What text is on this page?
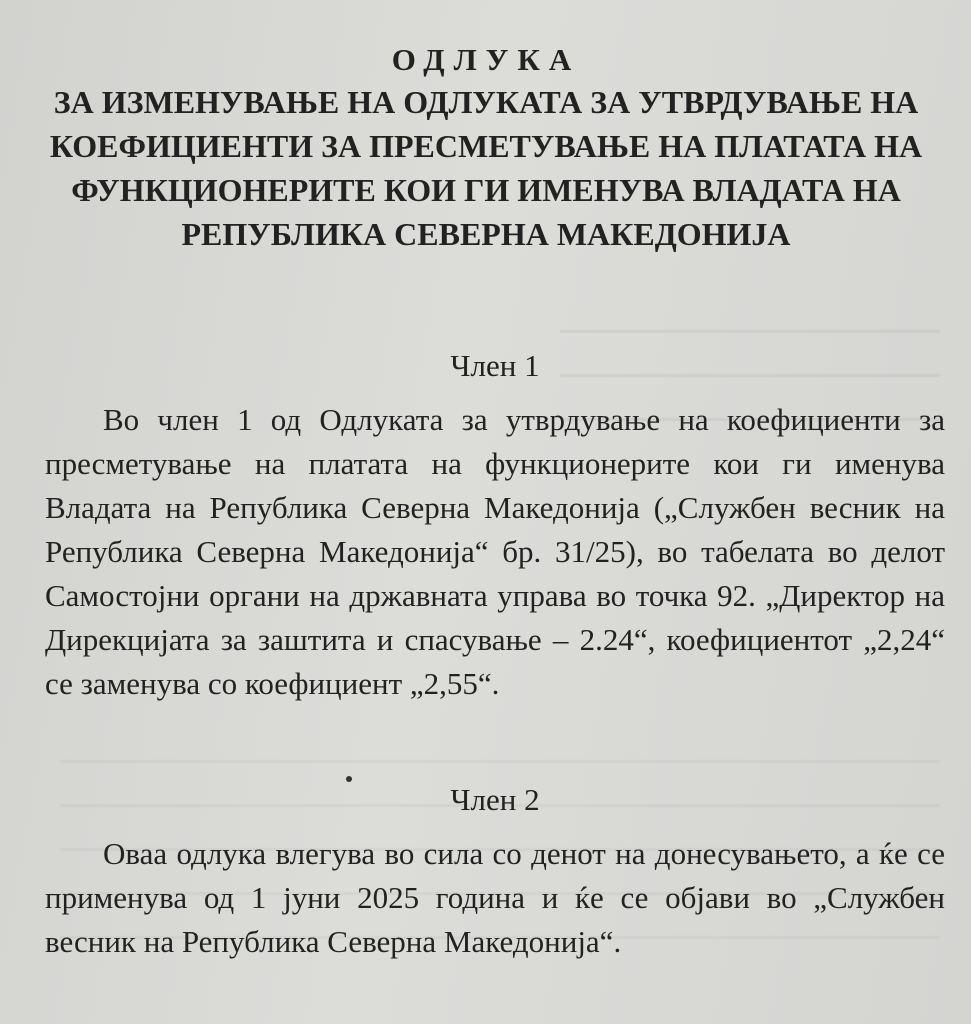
ОДЛУКА

ЗА ИЗМЕНУВАЊЕ НА ОДЛУКАТА ЗА УТВРДУВАЊЕ НА КОЕФИЦИЕНТИ ЗА ПРЕСМЕТУВАЊЕ НА ПЛАТАТА НА ФУНКЦИОНЕРИТЕ КОИ ГИ ИМЕНУВА ВЛАДАТА НА РЕПУБЛИКА СЕВЕРНА МАКЕДОНИЈА

Член 1

Во член 1 од Одлуката за утврдување на коефициенти за пресметување на платата на функционерите кои ги именува Владата на Република Северна Македонија („Службен весник на Република Северна Македонија“ бр. 31/25), во табелата во делот Самостојни органи на државната управа во точка 92. „Директор на Дирекцијата за заштита и спасување – 2.24“, коефициентот „2,24“ се заменува со коефициент „2,55“.

Член 2

Оваа одлука влегува во сила со денот на донесувањето, а ќе се применува од 1 јуни 2025 година и ќе се објави во „Службен весник на Република Северна Македонија“.
